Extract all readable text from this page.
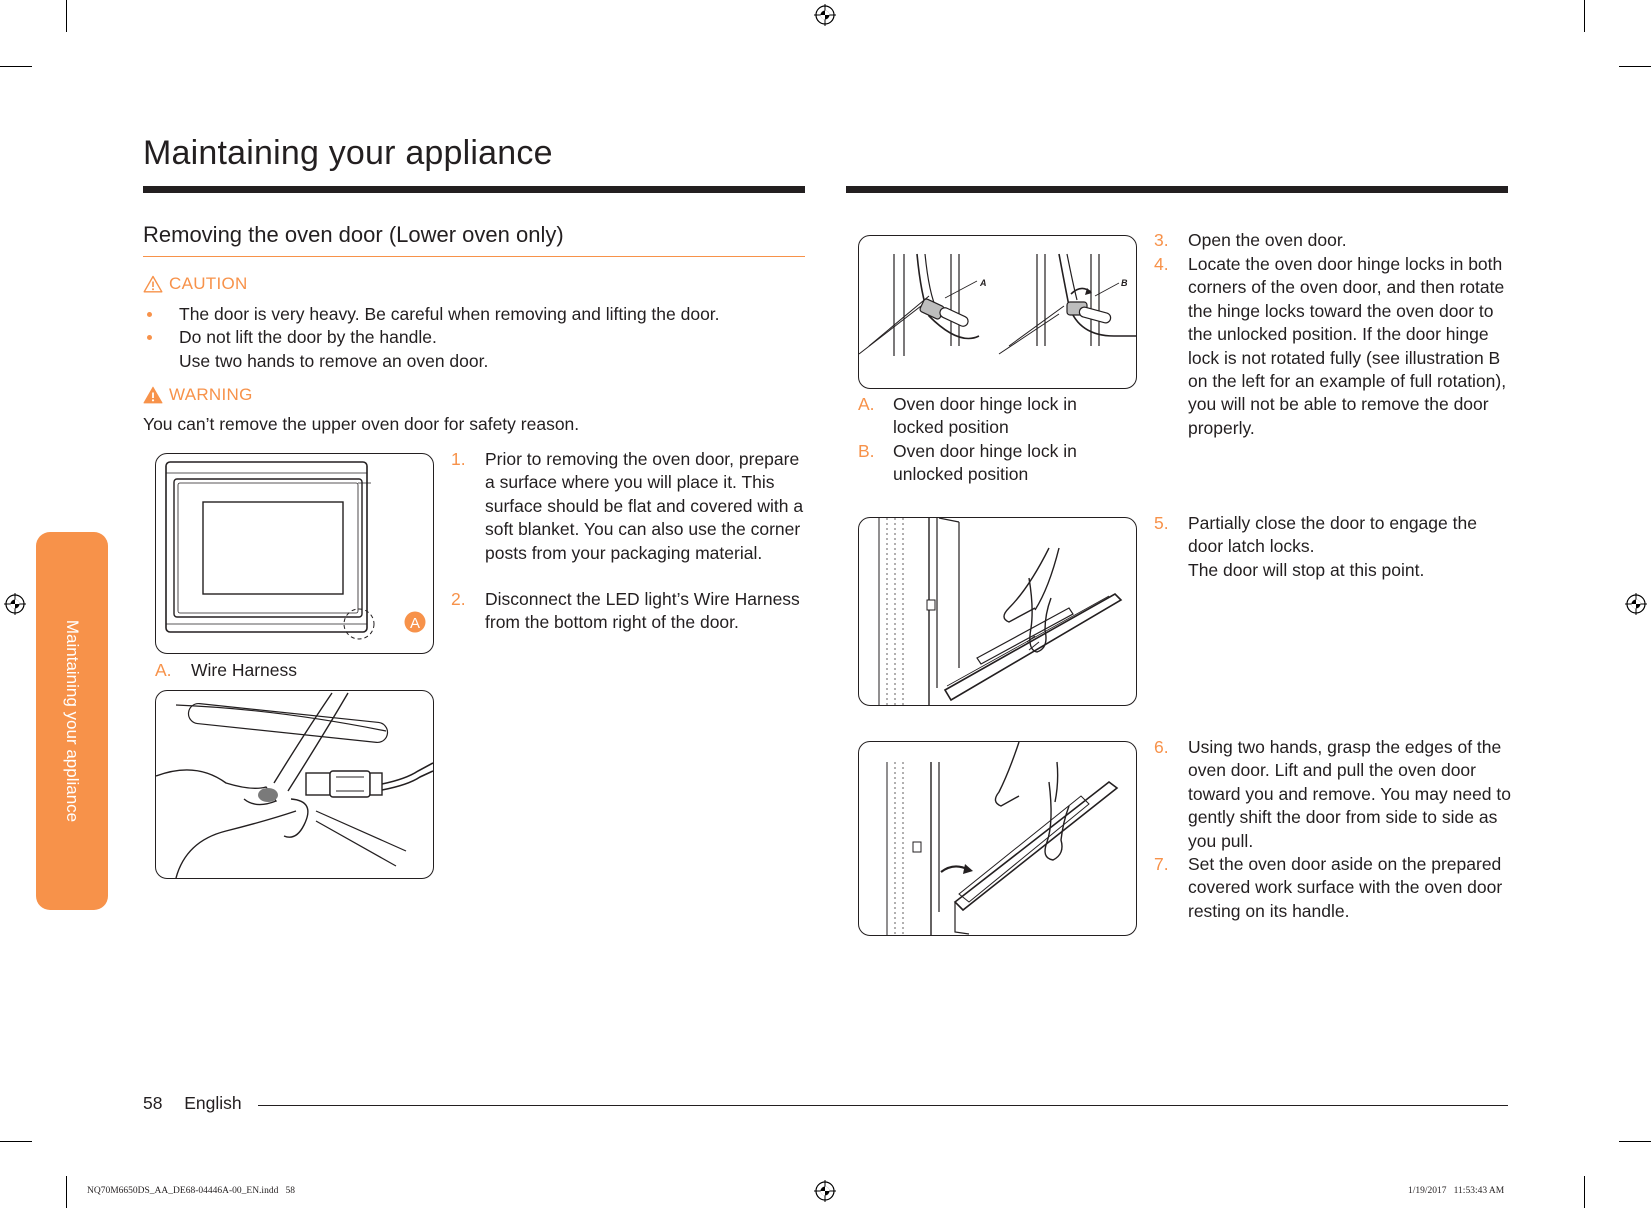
Maintaining your appliance
Maintaining your appliance
Removing the oven door (Lower oven only)
CAUTION
The door is very heavy. Be careful when removing and lifting the door.
Do not lift the door by the handle.
Use two hands to remove an oven door.
WARNING
You can’t remove the upper oven door for safety reason.
A
A.	Wire Harness
1.	Prior to removing the oven door, prepare a surface where you will place it. This surface should be flat and covered with a soft blanket. You can also use the corner posts from your packaging material.
2.	Disconnect the LED light’s Wire Harness from the bottom right of the door.
A	B
A.	Oven door hinge lock in locked position
B.	Oven door hinge lock in unlocked position
3.	Open the oven door.
4.	Locate the oven door hinge locks in both corners of the oven door, and then rotate the hinge locks toward the oven door to the unlocked position. If the door hinge lock is not rotated fully (see illustration B on the left for an example of full rotation), you will not be able to remove the door properly.
5.	Partially close the door to engage the door latch locks.
The door will stop at this point.
6.	Using two hands, grasp the edges of the oven door. Lift and pull the oven door toward you and remove. You may need to gently shift the door from side to side as you pull.
7.	Set the oven door aside on the prepared covered work surface with the oven door resting on its handle.
58 English
NQ70M6650DS_AA_DE68-04446A-00_EN.indd   58	1/19/2017   11:53:43 AM
